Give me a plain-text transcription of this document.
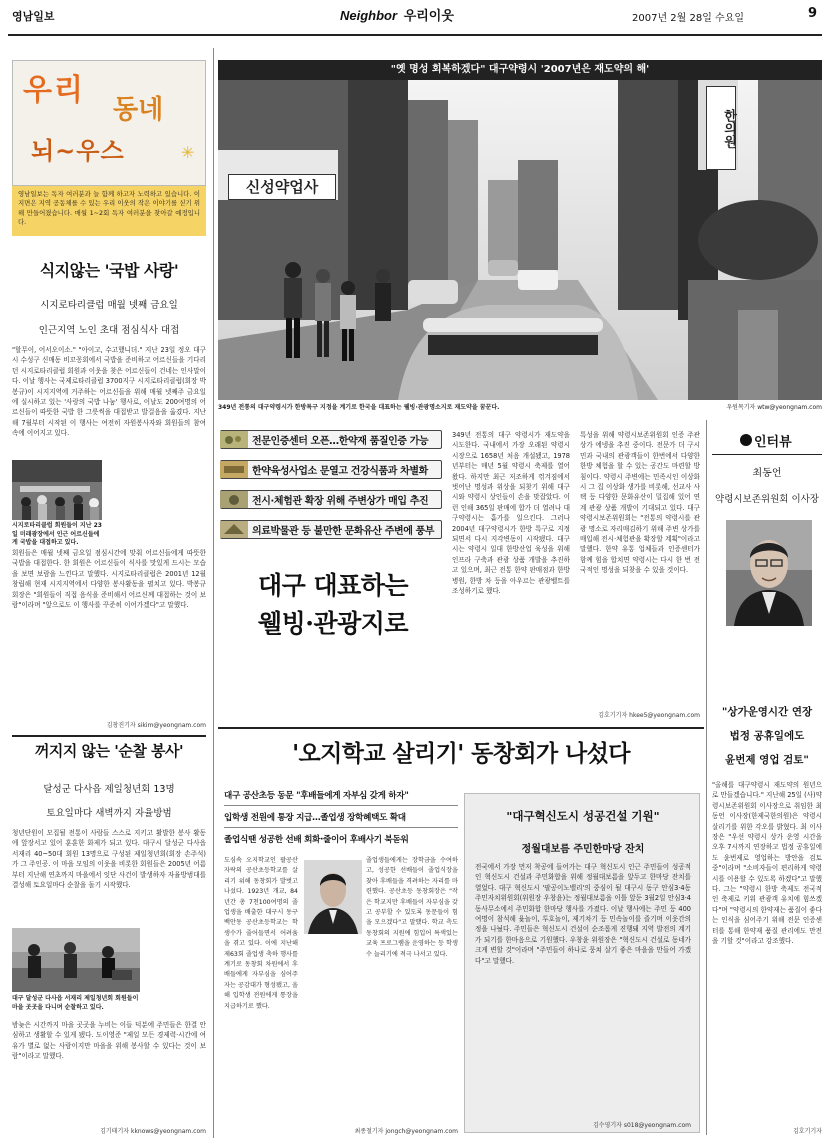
영남일보	Neighbor 우리이웃	2007년 2월 28일 수요일	9
우리
동네
뇌~우스	✳
영남일보는 독자 여러분과 늘 함께 하고자 노력하고 있습니다. 이 지면은 지역 공동체를 수 있는 우리 이웃의 작은 이야기를 싣기 위해 만들어졌습니다. 매월 1~2회 독자 여러분을 찾아갈 예정입니다.
식지않는 '국밥 사랑'
시지로타리클럽 매월 넷째 금요일
인근지역 노인 초대 점심식사 대접
"할무이, 어서오이소." "아이고, 수고했니더." 지난 23일 정오 대구시 수성구 신매동 비꼬꽁회에서 국밥을 준비하고 어르신들을 기다리던 시지로타리클럽 회원과 이웃을 찾은 어르신들이 건네는 인사말이다. 이날 행사는 국제로타리클럽 3700지구 시지로타리클럽(회장 박봉규)이 시지지역에 거주하는 어르신들을 위해 매월 넷째주 금요일에 실시하고 있는 '사랑의 국밥 나눔' 행사로, 이날도 200여명의 어르신들이 따뜻한 국밥 한 그릇씩을 대접받고 발걸음을 옮겼다. 지난해 7월부터 시작된 이 행사는 여전히 자원봉사자와 회원들의 참여 속에 이어지고 있다.
시지로타리클럽 회원들이 지난 23일 미래광장에서 인근 어르신들에게 국밥을 대접하고 있다.
회원들은 매월 넷째 금요일 점심시간에 맞춰 어르신들에게 따뜻한 국밥을 대접한다. 한 회원은 어르신들이 식사를 맛있게 드시는 모습을 보면 보람을 느낀다고 말했다. 시지로타리클럽은 2001년 12월 창립해 현재 시지지역에서 다양한 봉사활동을 펼치고 있다. 박봉규 회장은 "회원들이 직접 음식을 준비해서 어르신께 대접하는 것이 보람"이라며 "앞으로도 이 행사를 꾸준히 이어가겠다"고 말했다.
김창진기자 sikim@yeongnam.com
꺼지지 않는 '순찰 봉사'
달성군 다사읍 제일청년회 13명
토요일마다 새벽까지 자율방범
청년단원이 모집될 전통이 사람들 스스로 지키고 활발한 봉사 활동에 앞장서고 있어 훈훈한 화제가 되고 있다. 대구시 달성군 다사읍 서재리 40~50대 회원 13명으로 구성된 제일청년회(회장 손주석)가 그 주인공. 이 마을 모임의 이웃을 비롯한 회원들은 2005년 어름부터 지난해 연초까지 마을에서 잇단 사건이 발생하자 자율방범대를 결성해 토요일마다 순찰을 돌기 시작했다.
대구 달성군 다사읍 서재리 제일청년회 회원들이 마을 곳곳을 다니며 순찰하고 있다.
밤늦은 시간까지 마을 곳곳을 누비는 이들 덕분에 주민들은 한결 안심하고 생활할 수 있게 됐다. 도이영준 "제일 모든 경제력·시간에 여유가 별로 없는 사람이지만 마을을 위해 봉사할 수 있다는 것이 보람"이라고 말했다.
김기태기자 kknows@yeongnam.com
"옛 명성 회복하겠다" 대구약령시 '2007년은 재도약의 해'
신성약업사
한의원
349년 전통의 대구약령시가 한방특구 지정을 계기로 한국을 대표하는 웰빙·관광명소지로 재도약을 꿈꾼다.	우원목기자 wtw@yeongnam.com
전문인증센터 오픈…한약재 품질인증 가능
한약육성사업소 문열고 건강식품과 차별화
전시·체험관 확장 위해 주변상가 매입 추진
의료박물관 등 불만한 문화유산 주변에 풍부
대구 대표하는
웰빙·관광지로
349년 전통의 대구 약령시가 재도약을 시도한다. 국내에서 가장 오래된 약령시 시장으로 1658년 처음 개설됐고, 1978년부터는 매년 5월 약령시 축제를 열어 왔다. 하지만 최근 저조하게 꺾겨짐에서 벗어난 명성과 위상을 되찾기 위해 대구시와 약령시 상인들이 손을 맞잡았다. 이런 인해 365일 판매에 합가 더 열려나 대구약령시는 흩가를 일으킨다. 그러나 2004년 대구약령시가 한방 특구로 지정되면서 다시 지각변동이 시작됐다. 대구시는 약령시 일대 한방산업 육성을 위해 인프라 구축과 관광 상품 개발을 추진하고 있으며, 최근 전통 한약 판매점과 한방 병원, 한방 차 등을 아우르는 관광벨트를 조성하기로 했다.
특성을 위해 약령시보존위원회 인증 주관 상가 에넹을 추진 중이다. 전문가 더 구시민과 국내의 관광객들이 한번에서 다양한 한방 체험을 할 수 있는 공간도 마련할 방침이다. 약령시 주변에는 민족시인 이상화 시 그 집 이상화 생가를 비롯해, 선교사 사택 등 다양한 문화유산이 밀집해 있어 연계 관광 상품 개발이 기대되고 있다. 대구약령시보존위원회는 "전통의 약령시를 관광 명소로 자리매김하기 위해 주변 상가를 매입해 전시·체험관을 확장할 계획"이라고 말했다. 한약 유통 업체들과 인증센터가 함께 힘을 합치면 약령시는 다시 한 번 전국적인 명성을 되찾을 수 있을 것이다.
김호기기자 hkee5@yeongnam.com
인터뷰
최동언
약령시보존위원회 이사장
"상가운영시간 연장
법정 공휴일에도
윤번제 영업 검토"
"올해를 대구약령시 재도약의 원년으로 만들겠습니다." 지난해 25일 (사)약령시보존위원회 이사장으로 취임한 최동언 이사장(한제국한의원)은 약령시 살리기를 위한 각오를 밝혔다. 최 이사장은 "우선 약령시 상가 운영 시간을 오후 7시까지 연장하고 법정 공휴일에도 윤번제로 영업하는 방안을 검토 중"이라며 "소비자들이 편리하게 약령시를 이용할 수 있도록 하겠다"고 말했다. 그는 "약령시 한방 축제도 전국적인 축제로 키워 관광객 유치에 힘쓰겠다"며 "약령시의 한약재는 품질이 좋다는 인식을 심어주기 위해 전문 인증센터를 통해 한약재 품질 관리에도 만전을 기할 것"이라고 강조했다.
김호기기자
'오지학교 살리기' 동창회가 나섰다
대구 공산초등 동문 "후배들에게 자부심 갖게 하자"
입학생 전원에 통장 지급…졸업생 장학혜택도 확대
졸업식땐 성공한 선배 회화·줄이어 후배사기 북돋워
도심속 오지학교인 팔공산 자락의 공산초등학교를 살리기 위해 동창회가 발벗고 나섰다. 1923년 개교, 84년간 총 7천100여명의 졸업생을 배출한 대구시 동구 백안동 공산초등학교는 학생수가 줄어들면서 어려움을 겪고 있다. 이에 지난해 제63회 졸업생 축하 행사를 계기로 동창회 차원에서 후배들에게 자부심을 심어주자는 공감대가 형성됐고, 올해 입학생 전원에게 통장을 지급하기로 했다.
졸업생들에게는 장학금을 수여하고, 성공한 선배들이 졸업식장을 찾아 후배들을 격려하는 자리를 마련했다. 공산초등 동창회장은 "작은 학교지만 후배들이 자부심을 갖고 공부할 수 있도록 동문들이 힘을 모으겠다"고 말했다. 학교 측도 동창회의 지원에 힘입어 특색있는 교육 프로그램을 운영하는 등 학생수 늘리기에 적극 나서고 있다.
최종철기자 jongch@yeongnam.com
"대구혁신도시 성공건설 기원"
정월대보름 주민한마당 잔치
전국에서 가장 먼저 착공에 들어가는 대구 혁신도시 인근 주민들이 성공적인 혁신도시 건설과 주민화합을 위해 정월대보름을 앞두고 한마당 잔치를 열었다. 대구 혁신도시 '팔공이노밸리'의 중심이 될 대구시 동구 안심3·4동 주민자치위원회(위원장 우창윤)는 정월대보름을 이틀 앞둔 3월2일 안심3·4동사무소에서 주민화합 한마당 행사를 가졌다. 이날 행사에는 주민 등 400여명이 참석해 윷놀이, 투호놀이, 제기차기 등 민속놀이를 즐기며 이웃간의 정을 나눴다. 주민들은 혁신도시 건설이 순조롭게 진행돼 지역 발전의 계기가 되기를 한마음으로 기원했다. 우창윤 위원장은 "혁신도시 건설로 동네가 크게 변할 것"이라며 "주민들이 하나로 뭉쳐 살기 좋은 마을을 만들어 가겠다"고 말했다.
김수영기자 s018@yeongnam.com
